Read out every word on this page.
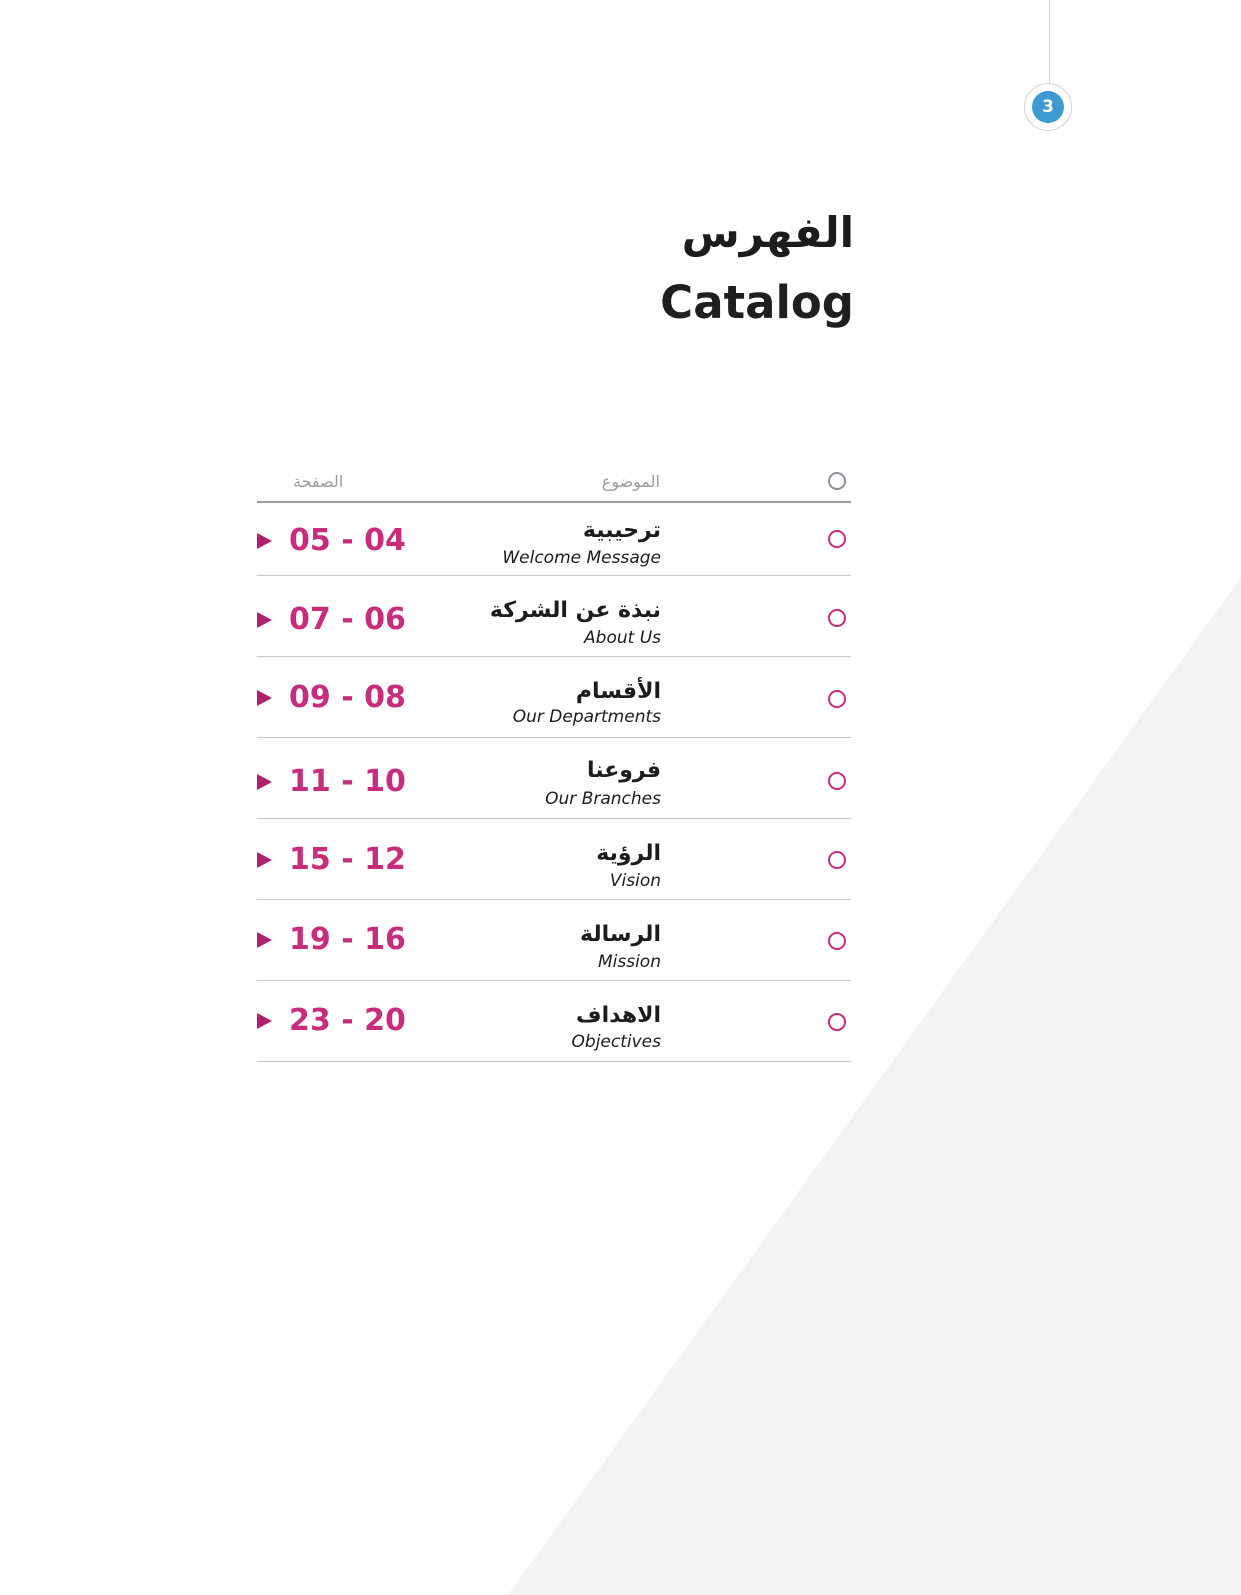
3
الفهرس
Catalog
الصفحة	الموضوع
05 - 04	ترحيبية
Welcome Message
07 - 06	نبذة عن الشركة
About Us
09 - 08	الأقسام
Our Departments
11 - 10	فروعنا
Our Branches
15 - 12	الرؤية
Vision
19 - 16	الرسالة
Mission
23 - 20	الاهداف
Objectives
